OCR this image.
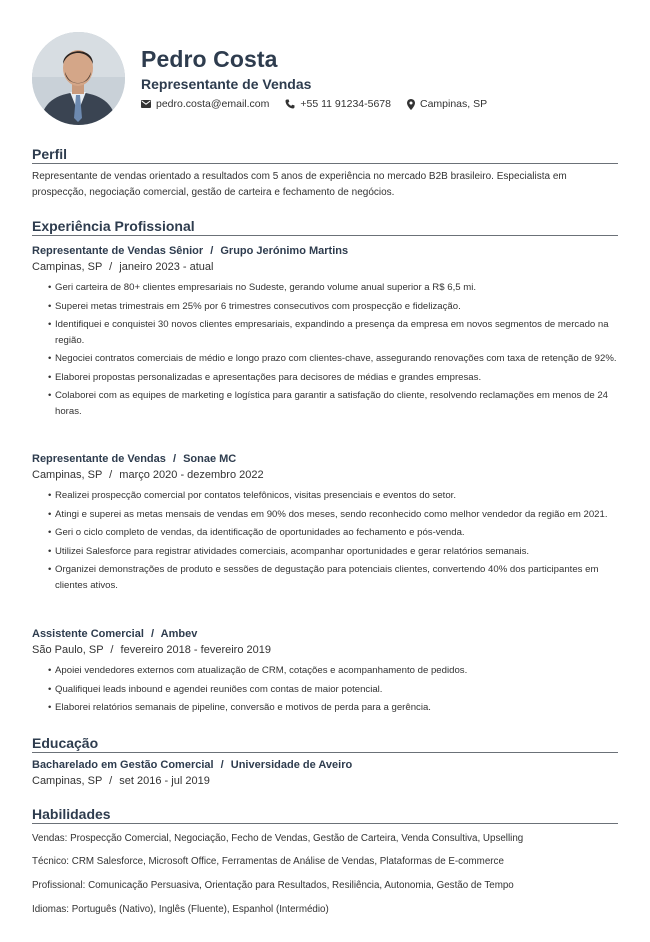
Pedro Costa
Representante de Vendas
pedro.costa@email.com	+55 11 91234-5678	Campinas, SP
Perfil

Representante de vendas orientado a resultados com 5 anos de experiência no mercado B2B brasileiro. Especialista em prospecção, negociação comercial, gestão de carteira e fechamento de negócios.

Experiência Profissional

Representante de Vendas Sênior / Grupo Jerónimo Martins

Campinas, SP / janeiro 2023 - atual

• Geri carteira de 80+ clientes empresariais no Sudeste, gerando volume anual superior a R$ 6,5 mi.
• Superei metas trimestrais em 25% por 6 trimestres consecutivos com prospecção e fidelização.
• Identifiquei e conquistei 30 novos clientes empresariais, expandindo a presença da empresa em novos segmentos de mercado na região.
• Negociei contratos comerciais de médio e longo prazo com clientes-chave, assegurando renovações com taxa de retenção de 92%.
• Elaborei propostas personalizadas e apresentações para decisores de médias e grandes empresas.
• Colaborei com as equipes de marketing e logística para garantir a satisfação do cliente, resolvendo reclamações em menos de 24 horas.

Representante de Vendas / Sonae MC

Campinas, SP / março 2020 - dezembro 2022

• Realizei prospecção comercial por contatos telefônicos, visitas presenciais e eventos do setor.
• Atingi e superei as metas mensais de vendas em 90% dos meses, sendo reconhecido como melhor vendedor da região em 2021.
• Geri o ciclo completo de vendas, da identificação de oportunidades ao fechamento e pós-venda.
• Utilizei Salesforce para registrar atividades comerciais, acompanhar oportunidades e gerar relatórios semanais.
• Organizei demonstrações de produto e sessões de degustação para potenciais clientes, convertendo 40% dos participantes em clientes ativos.

Assistente Comercial / Ambev

São Paulo, SP / fevereiro 2018 - fevereiro 2019

• Apoiei vendedores externos com atualização de CRM, cotações e acompanhamento de pedidos.
• Qualifiquei leads inbound e agendei reuniões com contas de maior potencial.
• Elaborei relatórios semanais de pipeline, conversão e motivos de perda para a gerência.
Educação

Bacharelado em Gestão Comercial / Universidade de Aveiro

Campinas, SP / set 2016 - jul 2019

Habilidades

Vendas: Prospecção Comercial, Negociação, Fecho de Vendas, Gestão de Carteira, Venda Consultiva, Upselling

Técnico: CRM Salesforce, Microsoft Office, Ferramentas de Análise de Vendas, Plataformas de E-commerce

Profissional: Comunicação Persuasiva, Orientação para Resultados, Resiliência, Autonomia, Gestão de Tempo

Idiomas: Português (Nativo), Inglês (Fluente), Espanhol (Intermédio)
